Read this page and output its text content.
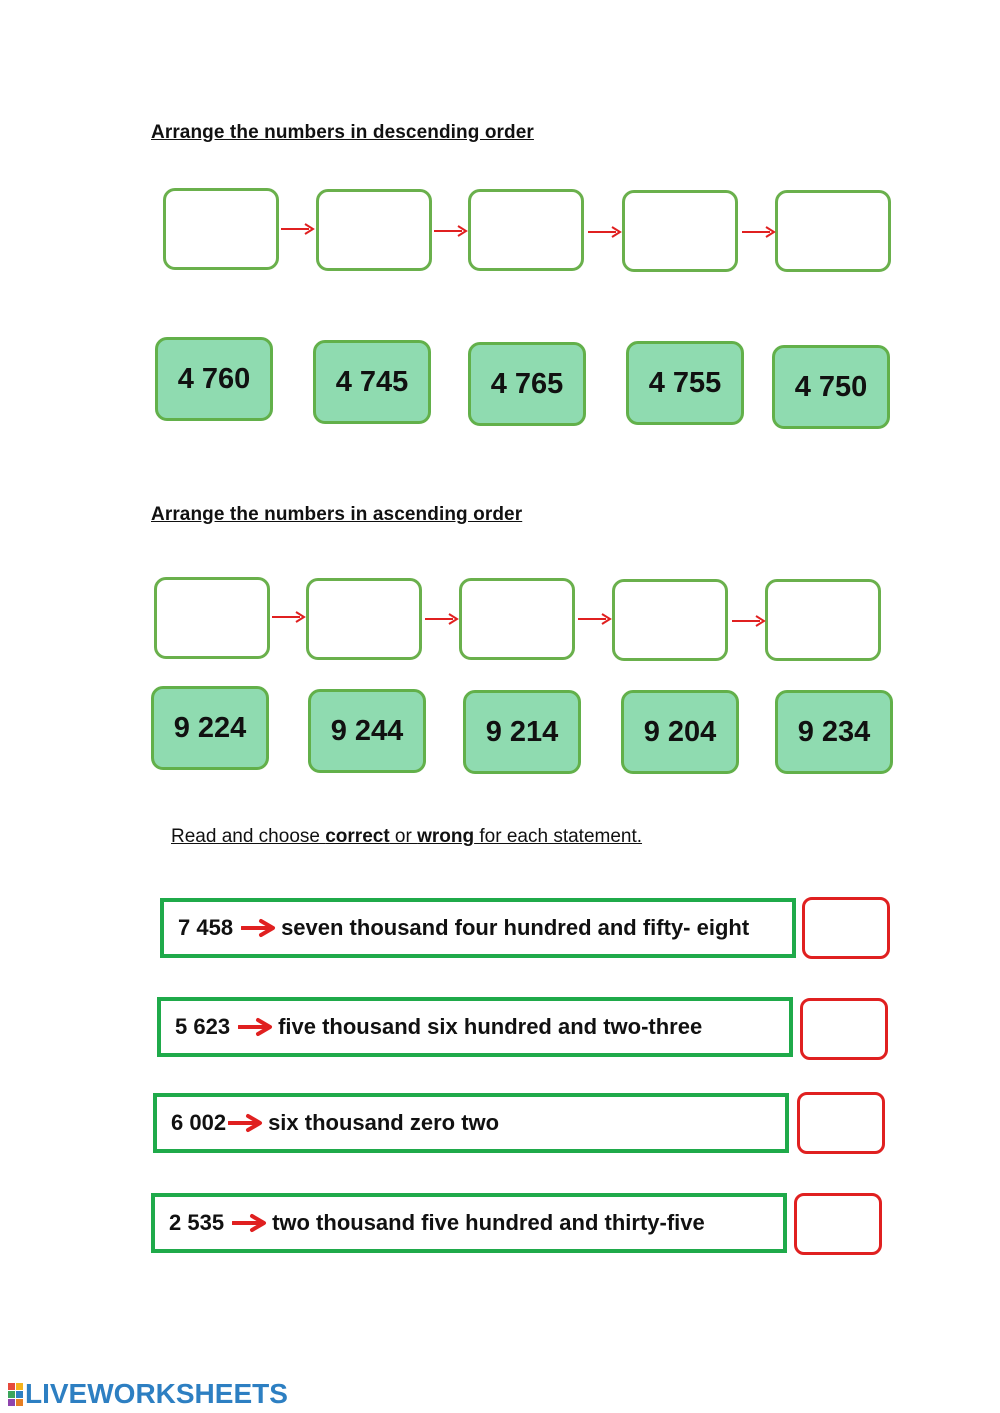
Arrange the numbers in descending order
4 760	4 745	4 765	4 755	4 750
Arrange the numbers in ascending order
9 224	9 244	9 214	9 204	9 234
Read and choose correct or wrong for each statement.
7 458 seven thousand four hundred and fifty- eight
5 623 five thousand six hundred and two-three
6 002 six thousand zero two
2 535 two thousand five hundred and thirty-five
LIVEWORKSHEETS
